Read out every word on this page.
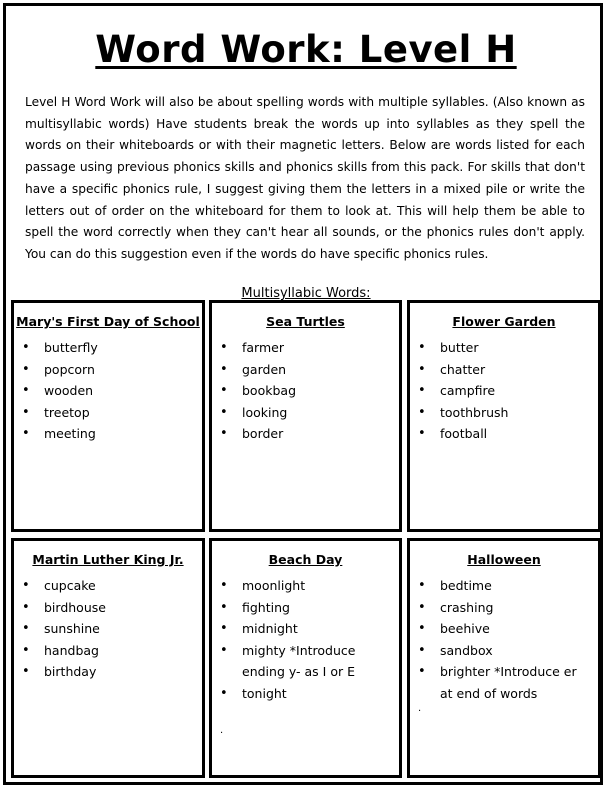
Word Work: Level H

Level H Word Work will also be about spelling words with multiple syllables. (Also known as multisyllabic words) Have students break the words up into syllables as they spell the words on their whiteboards or with their magnetic letters. Below are words listed for each passage using previous phonics skills and phonics skills from this pack. For skills that don't have a specific phonics rule, I suggest giving them the letters in a mixed pile or write the letters out of order on the whiteboard for them to look at. This will help them be able to spell the word correctly when they can't hear all sounds, or the phonics rules don't apply. You can do this suggestion even if the words do have specific phonics rules.

Multisyllabic Words:
Mary's First Day of School
• butterfly
• popcorn
• wooden
• treetop
• meeting
Sea Turtles
• farmer
• garden
• bookbag
• looking
• border
Flower Garden
• butter
• chatter
• campfire
• toothbrush
• football
Martin Luther King Jr.
• cupcake
• birdhouse
• sunshine
• handbag
• birthday
Beach Day
• moonlight
• fighting
• midnight
• mighty *Introduce ending y- as I or E
• tonight
.
Halloween
• bedtime
• crashing
• beehive
• sandbox
• brighter *Introduce er at end of words
.
